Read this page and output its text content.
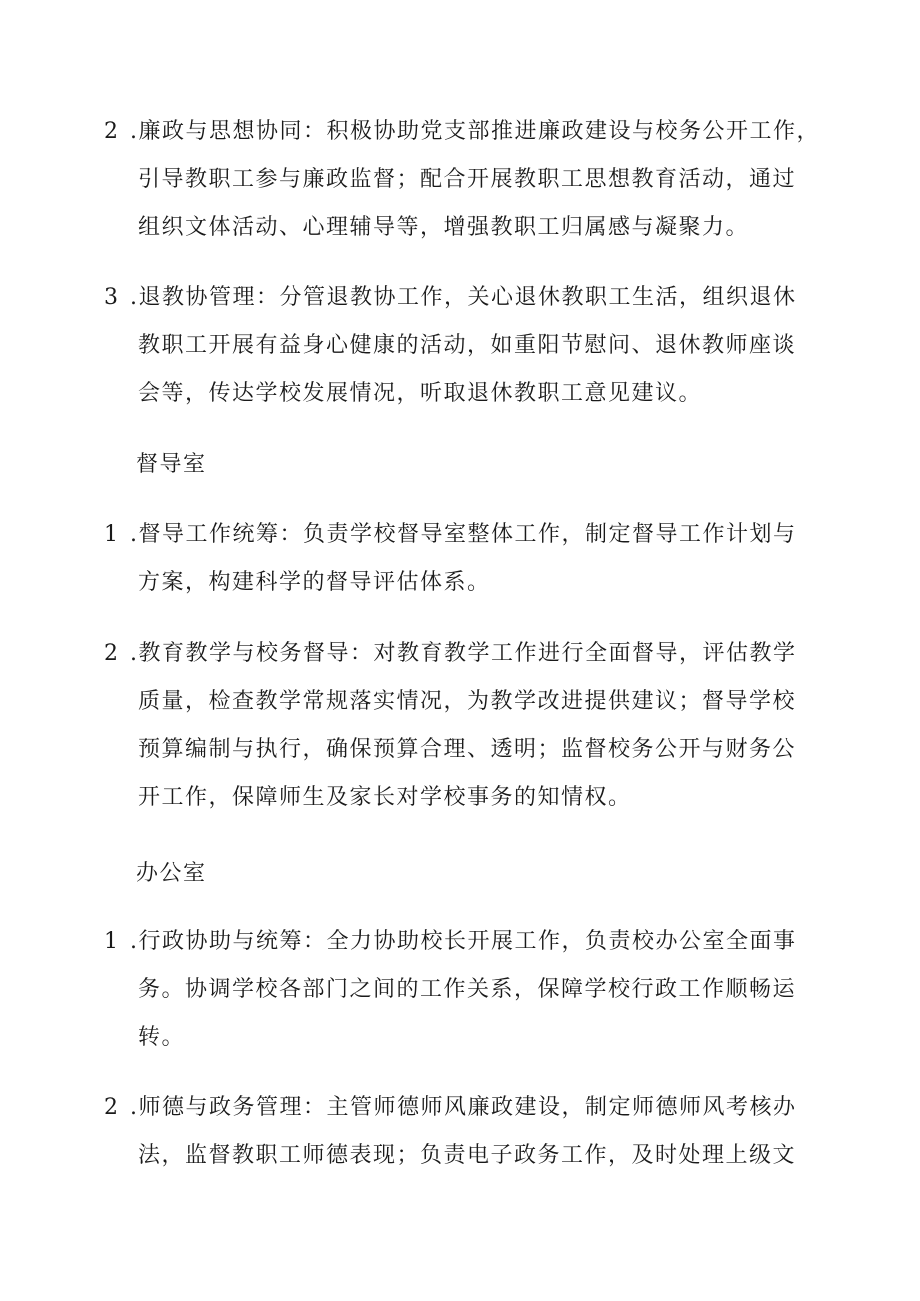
2 .廉政与思想协同：积极协助党支部推进廉政建设与校务公开工作，
引导教职工参与廉政监督；配合开展教职工思想教育活动，通过
组织文体活动、心理辅导等，增强教职工归属感与凝聚力。
3 .退教协管理：分管退教协工作，关心退休教职工生活，组织退休
教职工开展有益身心健康的活动，如重阳节慰问、退休教师座谈
会等，传达学校发展情况，听取退休教职工意见建议。
督导室
1 .督导工作统筹：负责学校督导室整体工作，制定督导工作计划与
方案，构建科学的督导评估体系。
2 .教育教学与校务督导：对教育教学工作进行全面督导，评估教学
质量，检查教学常规落实情况，为教学改进提供建议；督导学校
预算编制与执行，确保预算合理、透明；监督校务公开与财务公
开工作，保障师生及家长对学校事务的知情权。
办公室
1 .行政协助与统筹：全力协助校长开展工作，负责校办公室全面事
务。协调学校各部门之间的工作关系，保障学校行政工作顺畅运
转。
2 .师德与政务管理：主管师德师风廉政建设，制定师德师风考核办
法，监督教职工师德表现；负责电子政务工作，及时处理上级文
